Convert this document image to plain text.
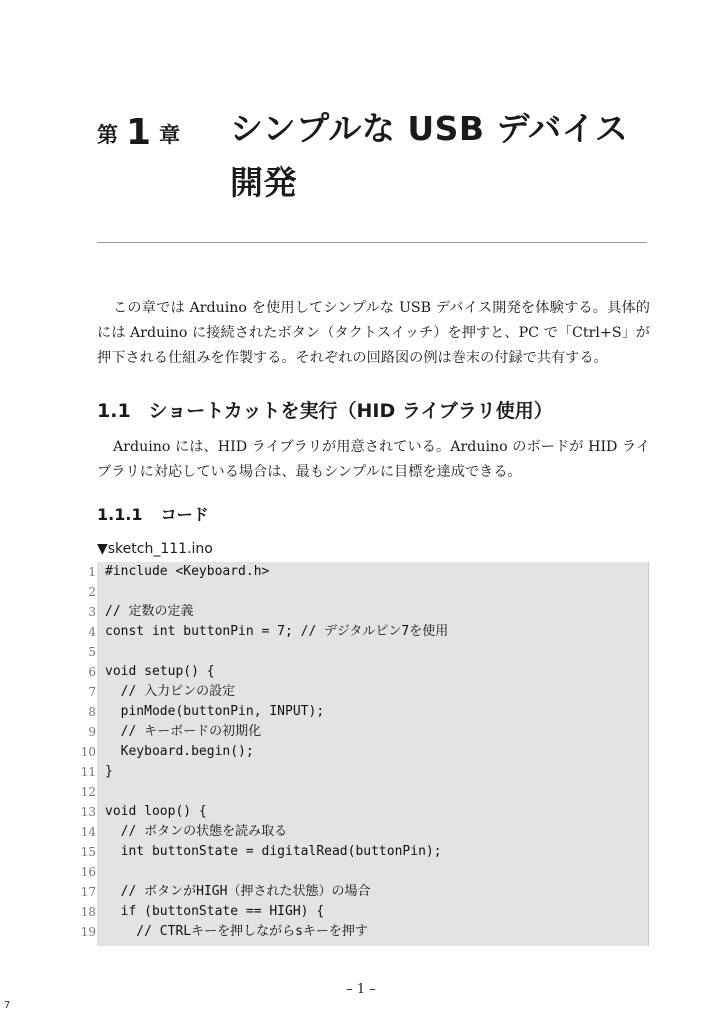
第 1 章 シンプルな USB デバイス開発
この章では Arduino を使用してシンプルな USB デバイス開発を体験する。具体的には Arduino に接続されたボタン（タクトスイッチ）を押すと、PC で「Ctrl+S」が押下される仕組みを作製する。それぞれの回路図の例は巻末の付録で共有する。
1.1 ショートカットを実行（HID ライブラリ使用）
Arduino には、HID ライブラリが用意されている。Arduino のボードが HID ライブラリに対応している場合は、最もシンプルに目標を達成できる。
1.1.1 コード
▼sketch_111.ino
1
2
3
4
5
6
7
8
9
10
11
12
13
14
15
16
17
18
19
#include <Keyboard.h>
// 定数の定義
const int buttonPin = 7; // デジタルピン7を使用
void setup() {
// 入力ピンの設定
pinMode(buttonPin, INPUT);
// キーボードの初期化
Keyboard.begin();
}
void loop() {
// ボタンの状態を読み取る
int buttonState = digitalRead(buttonPin);
// ボタンがHIGH（押された状態）の場合
if (buttonState == HIGH) {
// CTRLキーを押しながらsキーを押す
– 1 –
7
